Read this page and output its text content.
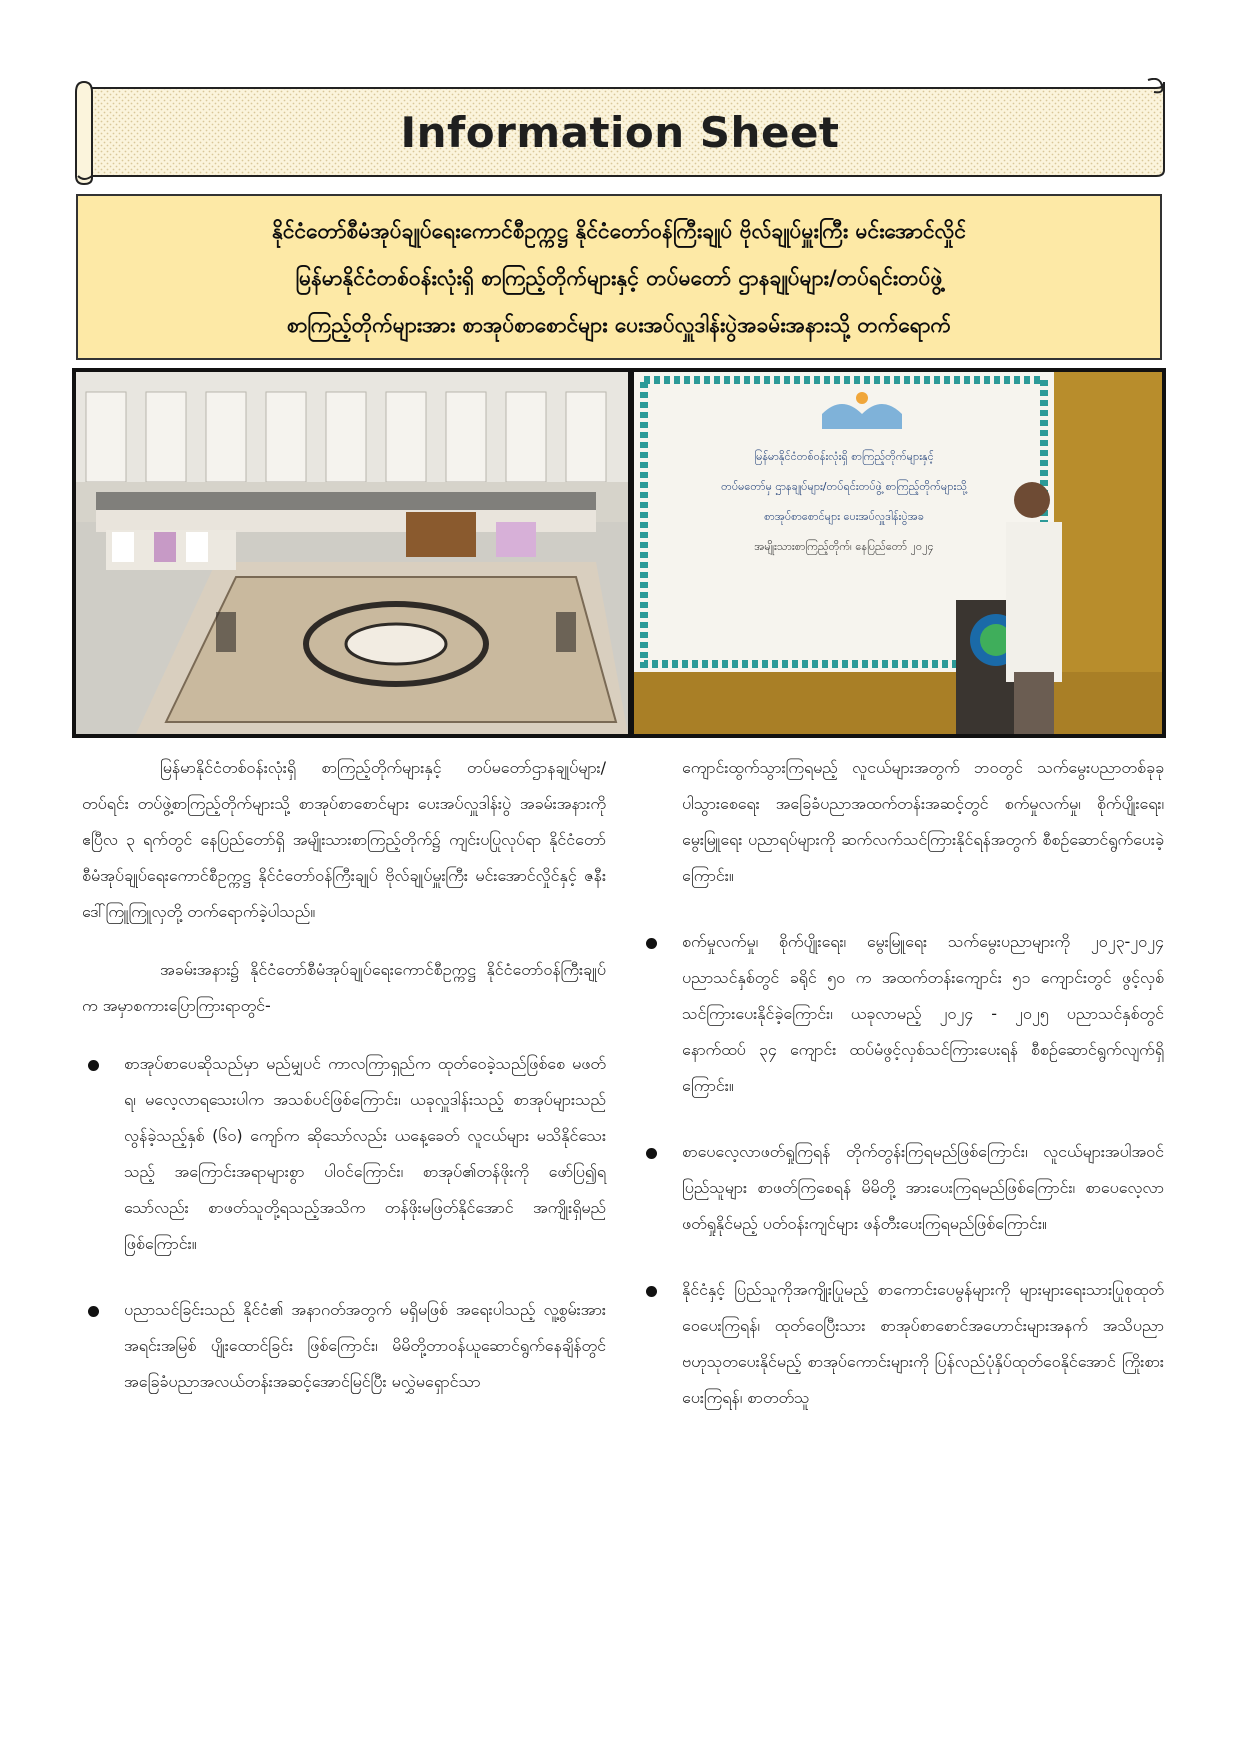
Information Sheet
နိုင်ငံတော်စီမံအုပ်ချုပ်ရေးကောင်စီဥက္ကဋ္ဌ နိုင်ငံတော်ဝန်ကြီးချုပ် ဗိုလ်ချုပ်မှူးကြီး မင်းအောင်လှိုင်
မြန်မာနိုင်ငံတစ်ဝန်းလုံးရှိ စာကြည့်တိုက်များနှင့် တပ်မတော် ဌာနချုပ်များ/တပ်ရင်းတပ်ဖွဲ့
စာကြည့်တိုက်များအား စာအုပ်စာစောင်များ ပေးအပ်လှူဒါန်းပွဲအခမ်းအနားသို့ တက်ရောက်
မြန်မာနိုင်ငံတစ်ဝန်းလုံးရှိ စာကြည့်တိုက်များနှင့်
တပ်မတော်မှ ဌာနချုပ်များ/တပ်ရင်းတပ်ဖွဲ့ စာကြည့်တိုက်များသို့
စာအုပ်စာစောင်များ ပေးအပ်လှူဒါန်းပွဲအခ
အမျိုးသားစာကြည့်တိုက်၊ နေပြည်တော် ၂၀၂၄

မြန်မာနိုင်ငံတစ်ဝန်းလုံးရှိ စာကြည့်တိုက်များနှင့် တပ်မတော်ဌာနချုပ်များ/ တပ်ရင်း တပ်ဖွဲ့စာကြည့်တိုက်များသို့ စာအုပ်စာစောင်များ ပေးအပ်လှူဒါန်းပွဲ အခမ်းအနားကို ဧပြီလ ၃ ရက်တွင် နေပြည်တော်ရှိ အမျိုးသားစာကြည့်တိုက်၌ ကျင်းပပြုလုပ်ရာ နိုင်ငံတော်စီမံအုပ်ချုပ်ရေးကောင်စီဥက္ကဋ္ဌ နိုင်ငံတော်ဝန်ကြီးချုပ် ဗိုလ်ချုပ်မှူးကြီး မင်းအောင်လှိုင်နှင့် ဇနီးဒေါ်ကြူကြူလှတို့ တက်ရောက်ခဲ့ပါသည်။

အခမ်းအနား၌ နိုင်ငံတော်စီမံအုပ်ချုပ်ရေးကောင်စီဥက္ကဋ္ဌ နိုင်ငံတော်ဝန်ကြီးချုပ်က အမှာစကားပြောကြားရာတွင်-

စာအုပ်စာပေဆိုသည်မှာ မည်မျှပင် ကာလကြာရှည်က ထုတ်ဝေခဲ့သည်ဖြစ်စေ မဖတ်ရ၊ မလေ့လာရသေးပါက အသစ်ပင်ဖြစ်ကြောင်း၊ ယခုလှူဒါန်းသည့် စာအုပ်များသည် လွန်ခဲ့သည့်နှစ် (၆၀) ကျော်က ဆိုသော်လည်း ယနေ့ခေတ် လူငယ်များ မသိနိုင်သေးသည့် အကြောင်းအရာများစွာ ပါဝင်ကြောင်း၊ စာအုပ်၏တန်ဖိုးကို ဖော်ပြ၍ရသော်လည်း စာဖတ်သူတို့ရသည့်အသိက တန်ဖိုးမဖြတ်နိုင်အောင် အကျိုးရှိမည်ဖြစ်ကြောင်း။
ပညာသင်ခြင်းသည် နိုင်ငံ၏ အနာဂတ်အတွက် မရှိမဖြစ် အရေးပါသည့် လူ့စွမ်းအားအရင်းအမြစ် ပျိုးထောင်ခြင်း ဖြစ်ကြောင်း၊ မိမိတို့တာဝန်ယူဆောင်ရွက်နေချိန်တွင် အခြေခံပညာအလယ်တန်းအဆင့်အောင်မြင်ပြီး မလွှဲမရှောင်သာ
ကျောင်းထွက်သွားကြရမည့် လူငယ်များအတွက် ဘဝတွင် သက်မွေးပညာတစ်ခုခုပါသွားစေရေး အခြေခံပညာအထက်တန်းအဆင့်တွင် စက်မှုလက်မှု၊ စိုက်ပျိုးရေး၊ မွေးမြူရေး ပညာရပ်များကို ဆက်လက်သင်ကြားနိုင်ရန်အတွက် စီစဉ်ဆောင်ရွက်ပေးခဲ့ကြောင်း။
စက်မှုလက်မှု၊ စိုက်ပျိုးရေး၊ မွေးမြူရေး သက်မွေးပညာများကို ၂၀၂၃-၂၀၂၄ ပညာသင်နှစ်တွင် ခရိုင် ၅၀ က အထက်တန်းကျောင်း ၅၁ ကျောင်းတွင် ဖွင့်လှစ်သင်ကြားပေးနိုင်ခဲ့ကြောင်း၊ ယခုလာမည့် ၂၀၂၄ - ၂၀၂၅ ပညာသင်နှစ်တွင် နောက်ထပ် ၃၄ ကျောင်း ထပ်မံဖွင့်လှစ်သင်ကြားပေးရန် စီစဉ်ဆောင်ရွက်လျက်ရှိကြောင်း။
စာပေလေ့လာဖတ်ရှုကြရန် တိုက်တွန်းကြရမည်ဖြစ်ကြောင်း၊ လူငယ်များအပါအဝင် ပြည်သူများ စာဖတ်ကြစေရန် မိမိတို့ အားပေးကြရမည်ဖြစ်ကြောင်း၊ စာပေလေ့လာဖတ်ရှုနိုင်မည့် ပတ်ဝန်းကျင်များ ဖန်တီးပေးကြရမည်ဖြစ်ကြောင်း။
နိုင်ငံနှင့် ပြည်သူကိုအကျိုးပြုမည့် စာကောင်းပေမွန်များကို များများရေးသားပြုစုထုတ်ဝေပေးကြရန်၊ ထုတ်ဝေပြီးသား စာအုပ်စာစောင်အဟောင်းများအနက် အသိပညာ ဗဟုသုတပေးနိုင်မည့် စာအုပ်ကောင်းများကို ပြန်လည်ပုံနှိပ်ထုတ်ဝေနိုင်အောင် ကြိုးစားပေးကြရန်၊ စာတတ်သူ
